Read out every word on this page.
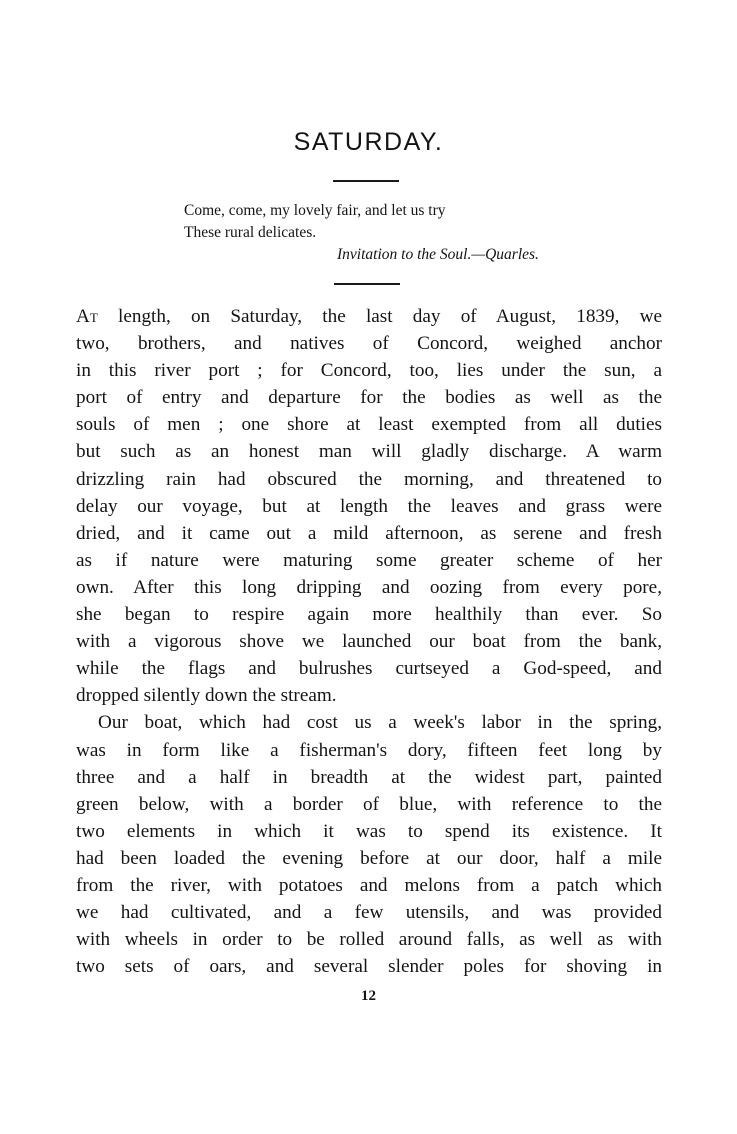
SATURDAY.
Come, come, my lovely fair, and let us try
These rural delicates.
Invitation to the Soul.—Quarles.
At length, on Saturday, the last day of August, 1839, we
two, brothers, and natives of Concord, weighed anchor
in this river port ; for Concord, too, lies under the sun, a
port of entry and departure for the bodies as well as the
souls of men ; one shore at least exempted from all duties
but such as an honest man will gladly discharge. A warm
drizzling rain had obscured the morning, and threatened to
delay our voyage, but at length the leaves and grass were
dried, and it came out a mild afternoon, as serene and fresh
as if nature were maturing some greater scheme of her
own. After this long dripping and oozing from every pore,
she began to respire again more healthily than ever. So
with a vigorous shove we launched our boat from the bank,
while the flags and bulrushes curtseyed a God-speed, and
dropped silently down the stream.
Our boat, which had cost us a week's labor in the spring,
was in form like a fisherman's dory, fifteen feet long by
three and a half in breadth at the widest part, painted
green below, with a border of blue, with reference to the
two elements in which it was to spend its existence. It
had been loaded the evening before at our door, half a mile
from the river, with potatoes and melons from a patch which
we had cultivated, and a few utensils, and was provided
with wheels in order to be rolled around falls, as well as with
two sets of oars, and several slender poles for shoving in
12
